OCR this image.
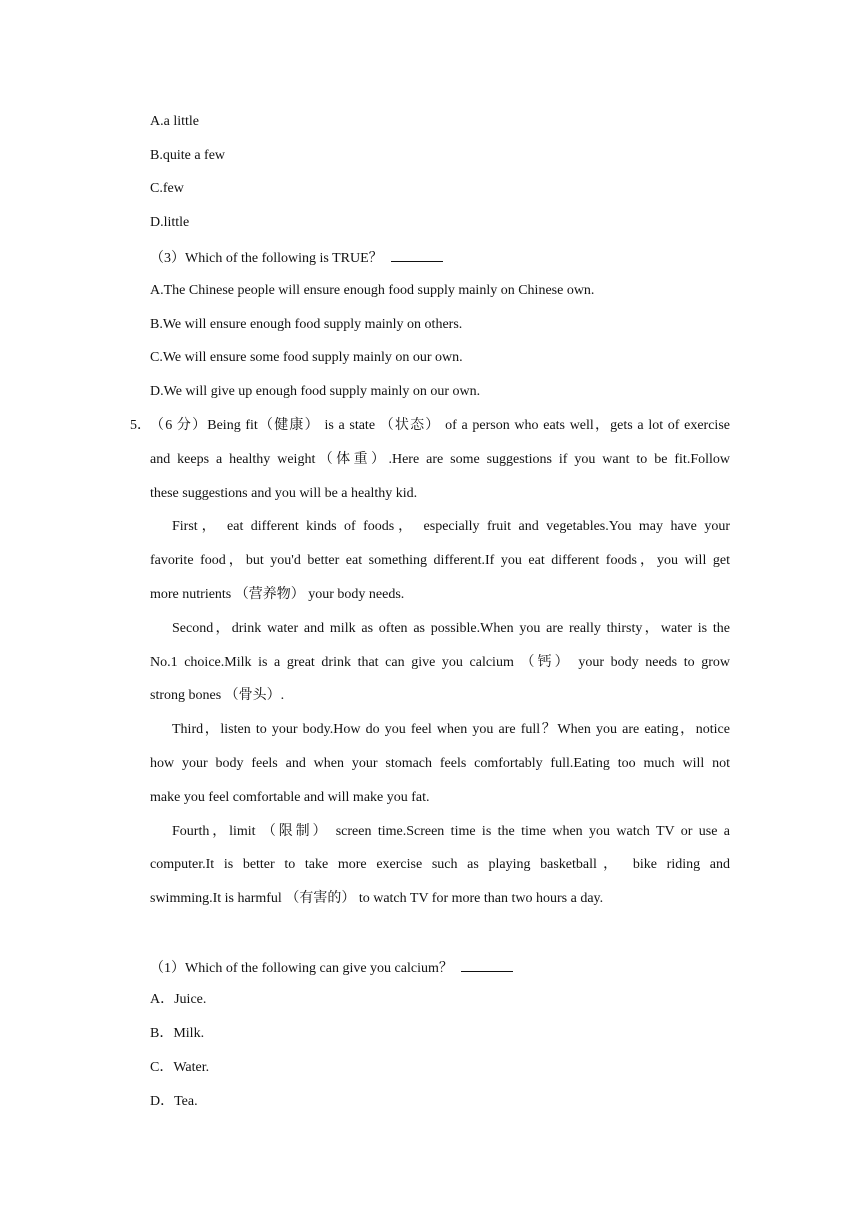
A.a little
B.quite a few
C.few
D.little
（3）Which of the following is TRUE？
A.The Chinese people will ensure enough food supply mainly on Chinese own.
B.We will ensure enough food supply mainly on others.
C.We will ensure some food supply mainly on our own.
D.We will give up enough food supply mainly on our own.
5． （6 分）Being fit（健康） is a state （状态） of a person who eats well，gets a lot of exercise
and keeps a healthy weight（体重）.Here are some suggestions if you want to be fit.Follow
these suggestions and you will be a healthy kid.
First， eat different kinds of foods， especially fruit and vegetables.You may have your
favorite food，but you'd better eat something different.If you eat different foods，you will get
more nutrients （营养物） your body needs.
Second，drink water and milk as often as possible.When you are really thirsty，water is the
No.1 choice.Milk is a great drink that can give you calcium （钙） your body needs to grow
strong bones （骨头）.
Third，listen to your body.How do you feel when you are full？When you are eating，notice
how your body feels and when your stomach feels comfortably full.Eating too much will not
make you feel comfortable and will make you fat.
Fourth，limit （限制） screen time.Screen time is the time when you watch TV or use a
computer.It is better to take more exercise such as playing basketball， bike riding and
swimming.It is harmful （有害的） to watch TV for more than two hours a day.
（1）Which of the following can give you calcium？
A．Juice.
B．Milk.
C．Water.
D．Tea.
